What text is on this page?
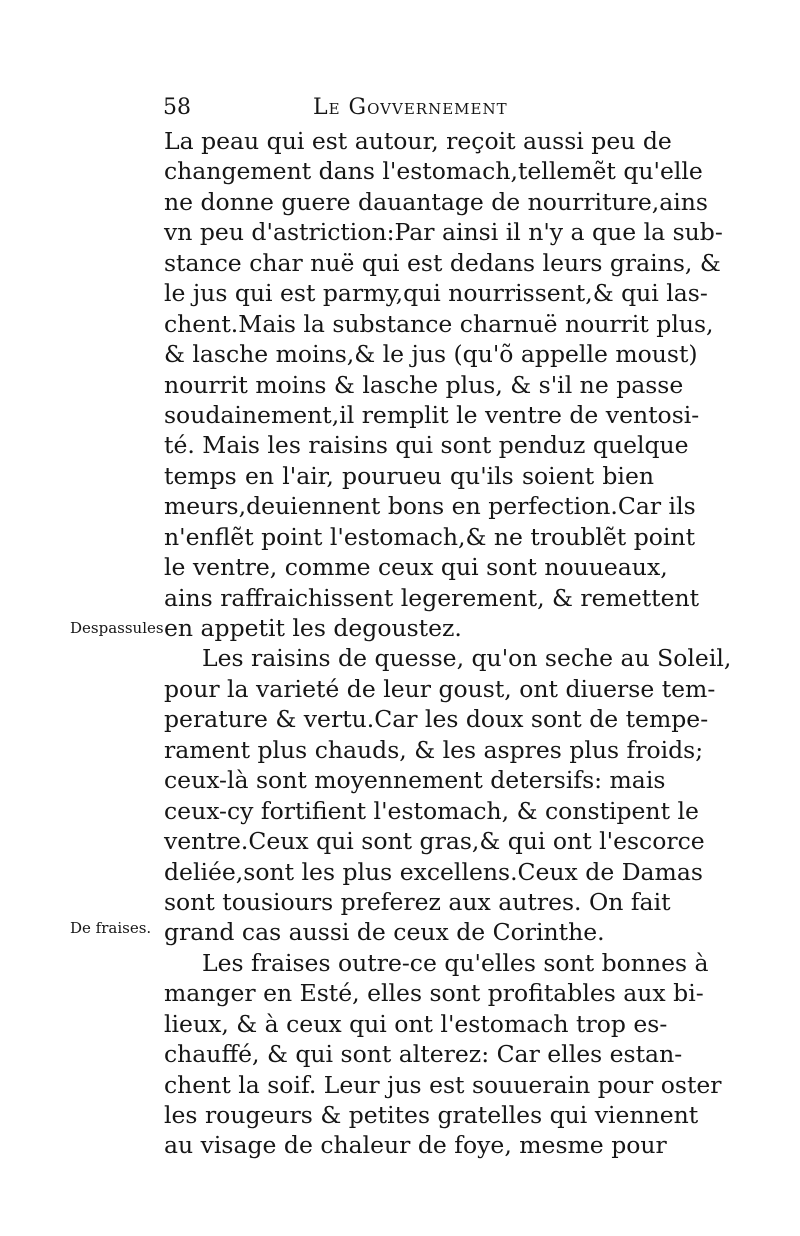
58	Le Govvernement
Despassules
De fraises.
La peau qui est autour, reçoit aussi peu de
changement dans l'estomach,tellemẽt qu'elle
ne donne guere dauantage de nourriture,ains
vn peu d'astriction:Par ainsi il n'y a que la sub-
stance char nuë qui est dedans leurs grains, &
le jus qui est parmy,qui nourrissent,& qui las-
chent.Mais la substance charnuë nourrit plus,
& lasche moins,& le jus (qu'õ appelle moust)
nourrit moins & lasche plus, & s'il ne passe
soudainement,il remplit le ventre de ventosi-
té. Mais les raisins qui sont penduz quelque
temps en l'air, pourueu qu'ils soient bien
meurs,deuiennent bons en perfection.Car ils
n'enflẽt point l'estomach,& ne troublẽt point
le ventre, comme ceux qui sont nouueaux,
ains raffraichissent legerement, & remettent
en appetit les degoustez.
Les raisins de quesse, qu'on seche au Soleil,
pour la varieté de leur goust, ont diuerse tem-
perature & vertu.Car les doux sont de tempe-
rament plus chauds, & les aspres plus froids;
ceux-là sont moyennement detersifs: mais
ceux-cy fortifient l'estomach, & constipent le
ventre.Ceux qui sont gras,& qui ont l'escorce
deliée,sont les plus excellens.Ceux de Damas
sont tousiours preferez aux autres. On fait
grand cas aussi de ceux de Corinthe.
Les fraises outre-ce qu'elles sont bonnes à
manger en Esté, elles sont profitables aux bi-
lieux, & à ceux qui ont l'estomach trop es-
chauffé, & qui sont alterez: Car elles estan-
chent la soif. Leur jus est souuerain pour oster
les rougeurs & petites gratelles qui viennent
au visage de chaleur de foye, mesme pour
